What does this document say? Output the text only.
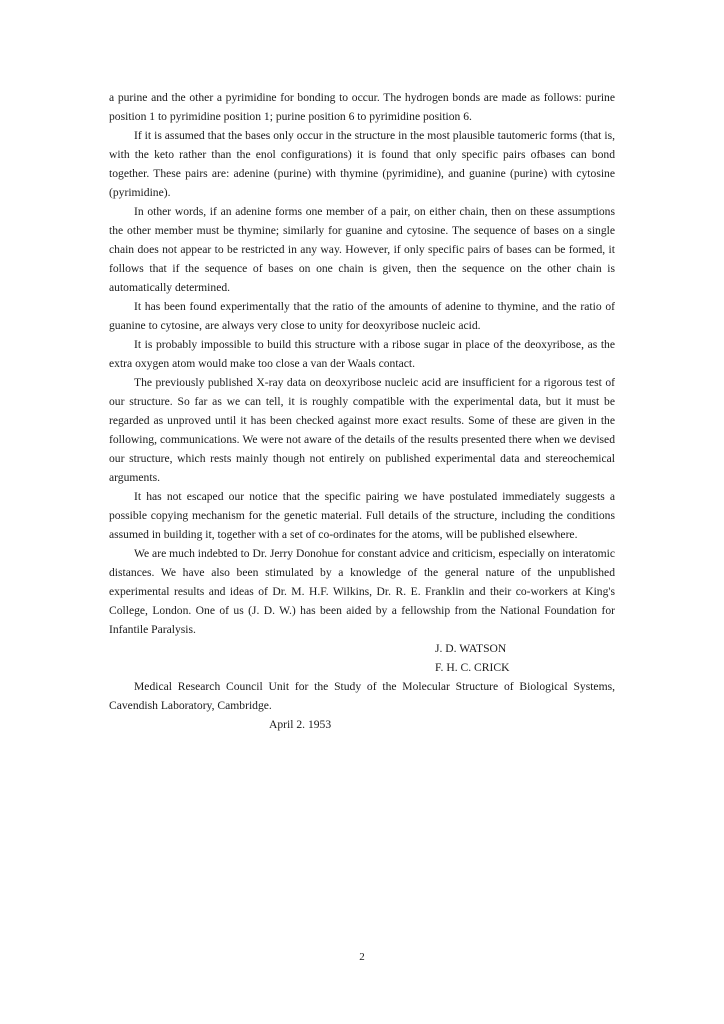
a purine and the other a pyrimidine for bonding to occur. The hydrogen bonds are made as follows: purine position 1 to pyrimidine position 1; purine position 6 to pyrimidine position 6.

If it is assumed that the bases only occur in the structure in the most plausible tautomeric forms (that is, with the keto rather than the enol configurations) it is found that only specific pairs ofbases can bond together. These pairs are: adenine (purine) with thymine (pyrimidine), and guanine (purine) with cytosine (pyrimidine).

In other words, if an adenine forms one member of a pair, on either chain, then on these assumptions the other member must be thymine; similarly for guanine and cytosine. The sequence of bases on a single chain does not appear to be restricted in any way. However, if only specific pairs of bases can be formed, it follows that if the sequence of bases on one chain is given, then the sequence on the other chain is automatically determined.

It has been found experimentally that the ratio of the amounts of adenine to thymine, and the ratio of guanine to cytosine, are always very close to unity for deoxyribose nucleic acid.

It is probably impossible to build this structure with a ribose sugar in place of the deoxyribose, as the extra oxygen atom would make too close a van der Waals contact.

The previously published X-ray data on deoxyribose nucleic acid are insufficient for a rigorous test of our structure. So far as we can tell, it is roughly compatible with the experimental data, but it must be regarded as unproved until it has been checked against more exact results. Some of these are given in the following, communications. We were not aware of the details of the results presented there when we devised our structure, which rests mainly though not entirely on published experimental data and stereochemical arguments.

It has not escaped our notice that the specific pairing we have postulated immediately suggests a possible copying mechanism for the genetic material. Full details of the structure, including the conditions assumed in building it, together with a set of co-ordinates for the atoms, will be published elsewhere.

We are much indebted to Dr. Jerry Donohue for constant advice and criticism, especially on interatomic distances. We have also been stimulated by a knowledge of the general nature of the unpublished experimental results and ideas of Dr. M. H.F. Wilkins, Dr. R. E. Franklin and their co-workers at King's College, London. One of us (J. D. W.) has been aided by a fellowship from the National Foundation for Infantile Paralysis.

J. D. WATSON
F. H. C. CRICK

Medical Research Council Unit for the Study of the Molecular Structure of Biological Systems, Cavendish Laboratory, Cambridge.

April 2. 1953
2
